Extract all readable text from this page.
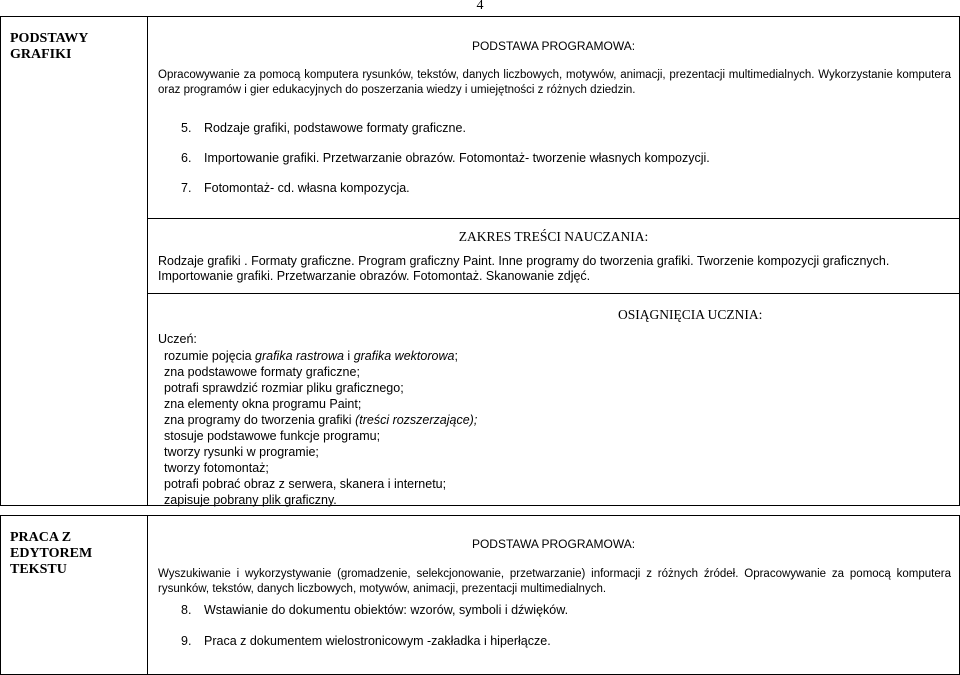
4
PODSTAWY
GRAFIKI
PODSTAWA PROGRAMOWA:
Opracowywanie za pomocą komputera rysunków, tekstów, danych liczbowych, motywów, animacji, prezentacji multimedialnych. Wykorzystanie komputera oraz programów i gier edukacyjnych do poszerzania wiedzy i umiejętności z różnych dziedzin.
5. Rodzaje grafiki, podstawowe formaty graficzne.
6. Importowanie grafiki. Przetwarzanie obrazów. Fotomontaż- tworzenie własnych kompozycji.
7. Fotomontaż- cd. własna kompozycja.
ZAKRES TREŚCI NAUCZANIA:
Rodzaje grafiki . Formaty graficzne. Program graficzny Paint. Inne programy do tworzenia grafiki. Tworzenie kompozycji graficznych.
Importowanie grafiki. Przetwarzanie obrazów. Fotomontaż. Skanowanie zdjęć.
OSIĄGNIĘCIA UCZNIA:
Uczeń:
rozumie pojęcia grafika rastrowa i grafika wektorowa;
zna podstawowe formaty graficzne;
potrafi sprawdzić rozmiar pliku graficznego;
zna elementy okna programu Paint;
zna programy do tworzenia grafiki (treści rozszerzające);
stosuje podstawowe funkcje programu;
tworzy rysunki w programie;
tworzy fotomontaż;
potrafi pobrać obraz z serwera, skanera i internetu;
zapisuje pobrany plik graficzny.
PRACA Z
EDYTOREM
TEKSTU
PODSTAWA PROGRAMOWA:
Wyszukiwanie i wykorzystywanie (gromadzenie, selekcjonowanie, przetwarzanie) informacji z różnych źródeł. Opracowywanie za pomocą komputera rysunków, tekstów, danych liczbowych, motywów, animacji, prezentacji multimedialnych.
8. Wstawianie do dokumentu obiektów: wzorów, symboli i dźwięków.
9. Praca z dokumentem wielostronicowym -zakładka i hiperłącze.
